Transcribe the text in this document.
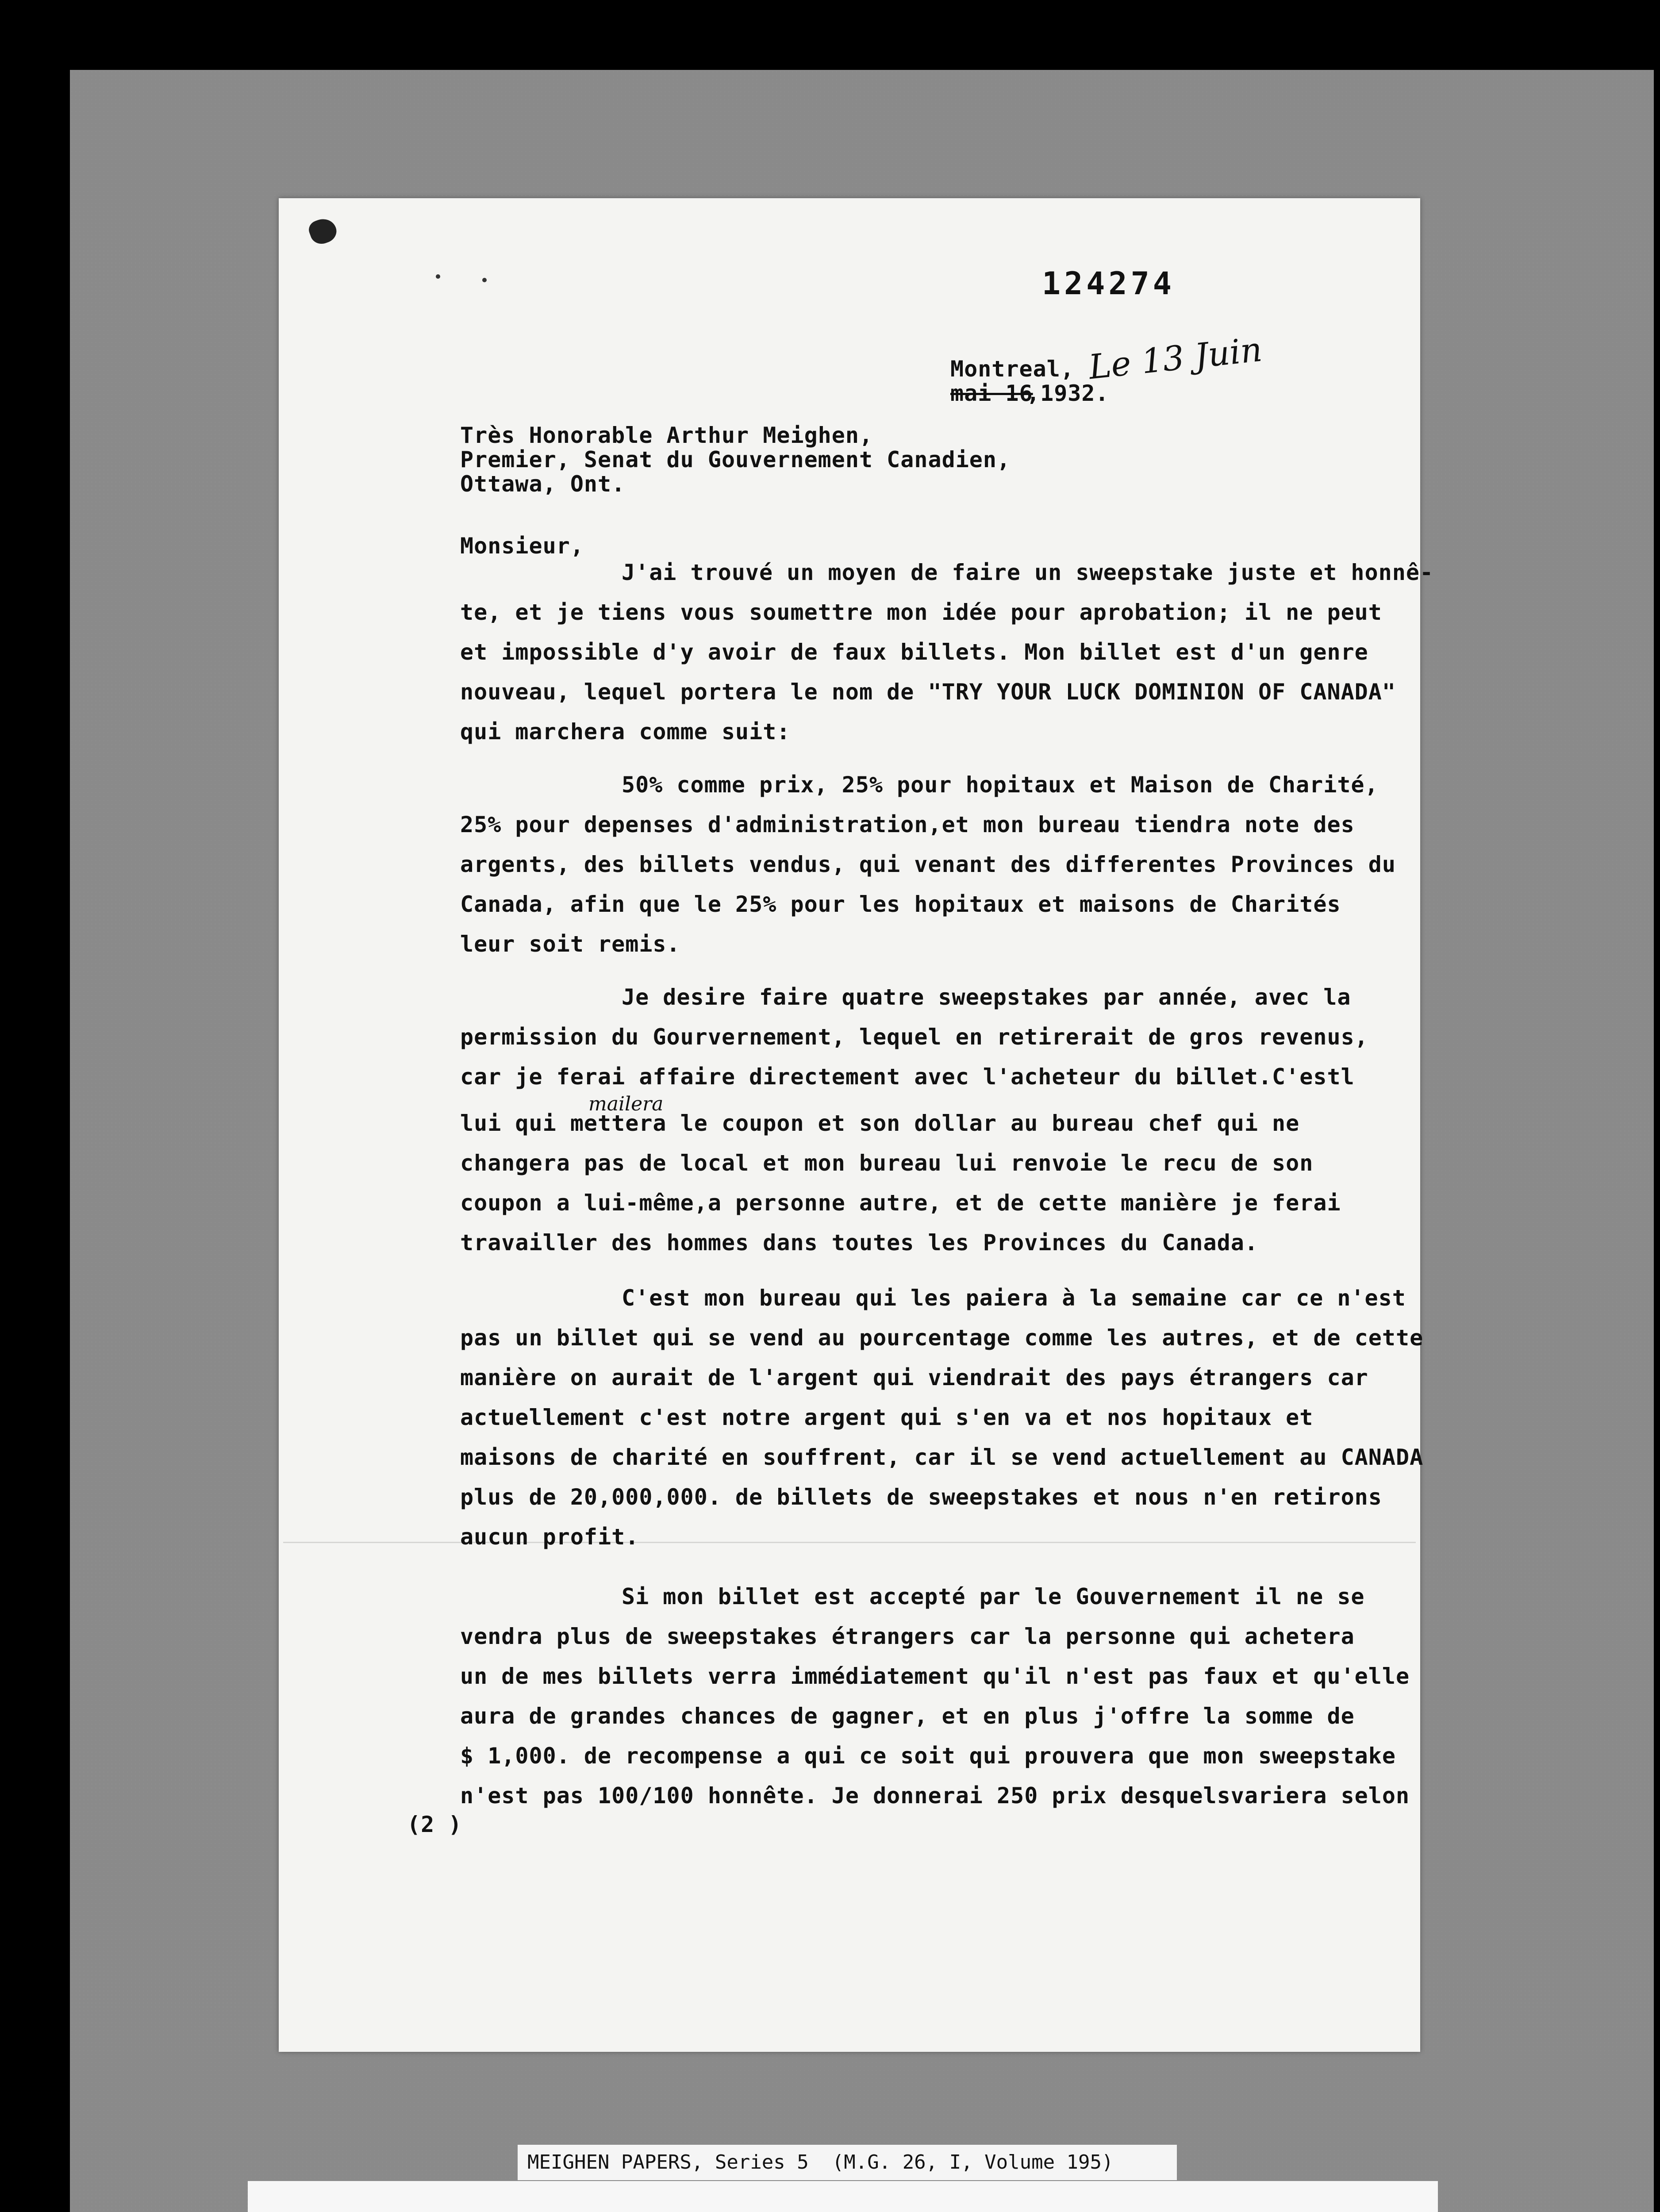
124274
Montreal, Le 13 Juin
mai 16
,1932.
Très Honorable Arthur Meighen,
Premier, Senat du Gouvernement Canadien,
Ottawa, Ont.
Monsieur,
J'ai trouvé un moyen de faire un sweepstake juste et honnê-
te, et je tiens vous soumettre mon idée pour aprobation; il ne peut
et impossible d'y avoir de faux billets. Mon billet est d'un genre
nouveau, lequel portera le nom de "TRY YOUR LUCK DOMINION OF CANADA"
qui marchera comme suit:
50% comme prix, 25% pour hopitaux et Maison de Charité,
25% pour depenses d'administration,et mon bureau tiendra note des
argents, des billets vendus, qui venant des differentes Provinces du
Canada, afin que le 25% pour les hopitaux et maisons de Charités
leur soit remis.
Je desire faire quatre sweepstakes par année, avec la
permission du Gourvernement, lequel en retirerait de gros revenus,
car je ferai affaire directement avec l'acheteur du billet.C'estl
mailera
lui qui mettera le coupon et son dollar au bureau chef qui ne
changera pas de local et mon bureau lui renvoie le recu de son
coupon a lui-même,a personne autre, et de cette manière je ferai
travailler des hommes dans toutes les Provinces du Canada.
C'est mon bureau qui les paiera à la semaine car ce n'est
pas un billet qui se vend au pourcentage comme les autres, et de cette
manière on aurait de l'argent qui viendrait des pays étrangers car
actuellement c'est notre argent qui s'en va et nos hopitaux et
maisons de charité en souffrent, car il se vend actuellement au CANADA
plus de 20,000,000. de billets de sweepstakes et nous n'en retirons
aucun profit.
Si mon billet est accepté par le Gouvernement il ne se
vendra plus de sweepstakes étrangers car la personne qui achetera
un de mes billets verra immédiatement qu'il n'est pas faux et qu'elle
aura de grandes chances de gagner, et en plus j'offre la somme de
$ 1,000. de recompense a qui ce soit qui prouvera que mon sweepstake
n'est pas 100/100 honnête. Je donnerai 250 prix desquelsvariera selon
(2 )
MEIGHEN PAPERS, Series 5  (M.G. 26, I, Volume 195)
